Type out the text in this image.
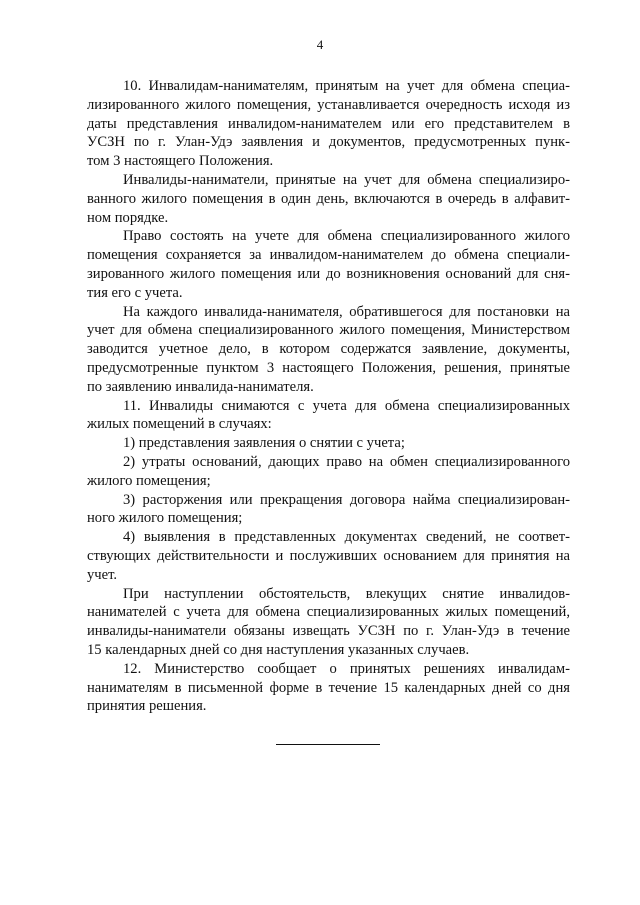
4
10. Инвалидам-нанимателям, принятым на учет для обмена специа-
лизированного жилого помещения, устанавливается очередность исходя из
даты представления инвалидом-нанимателем или его представителем в
УСЗН по г. Улан-Удэ заявления и документов, предусмотренных пунк-
том 3 настоящего Положения.
Инвалиды-наниматели, принятые на учет для обмена специализиро-
ванного жилого помещения в один день, включаются в очередь в алфавит-
ном порядке.
Право состоять на учете для обмена специализированного жилого
помещения сохраняется за инвалидом-нанимателем до обмена специали-
зированного жилого помещения или до возникновения оснований для сня-
тия его с учета.
На каждого инвалида-нанимателя, обратившегося для постановки на
учет для обмена специализированного жилого помещения, Министерством
заводится учетное дело, в котором содержатся заявление, документы,
предусмотренные пунктом 3 настоящего Положения, решения, принятые
по заявлению инвалида-нанимателя.
11. Инвалиды снимаются с учета для обмена специализированных
жилых помещений в случаях:
1) представления заявления о снятии с учета;
2) утраты оснований, дающих право на обмен специализированного
жилого помещения;
3) расторжения или прекращения договора найма специализирован-
ного жилого помещения;
4) выявления в представленных документах сведений, не соответ-
ствующих действительности и послуживших основанием для принятия на
учет.
При наступлении обстоятельств, влекущих снятие инвалидов-
нанимателей с учета для обмена специализированных жилых помещений,
инвалиды-наниматели обязаны извещать УСЗН по г. Улан-Удэ в течение
15 календарных дней со дня наступления указанных случаев.
12. Министерство сообщает о принятых решениях инвалидам-
нанимателям в письменной форме в течение 15 календарных дней со дня
принятия решения.
